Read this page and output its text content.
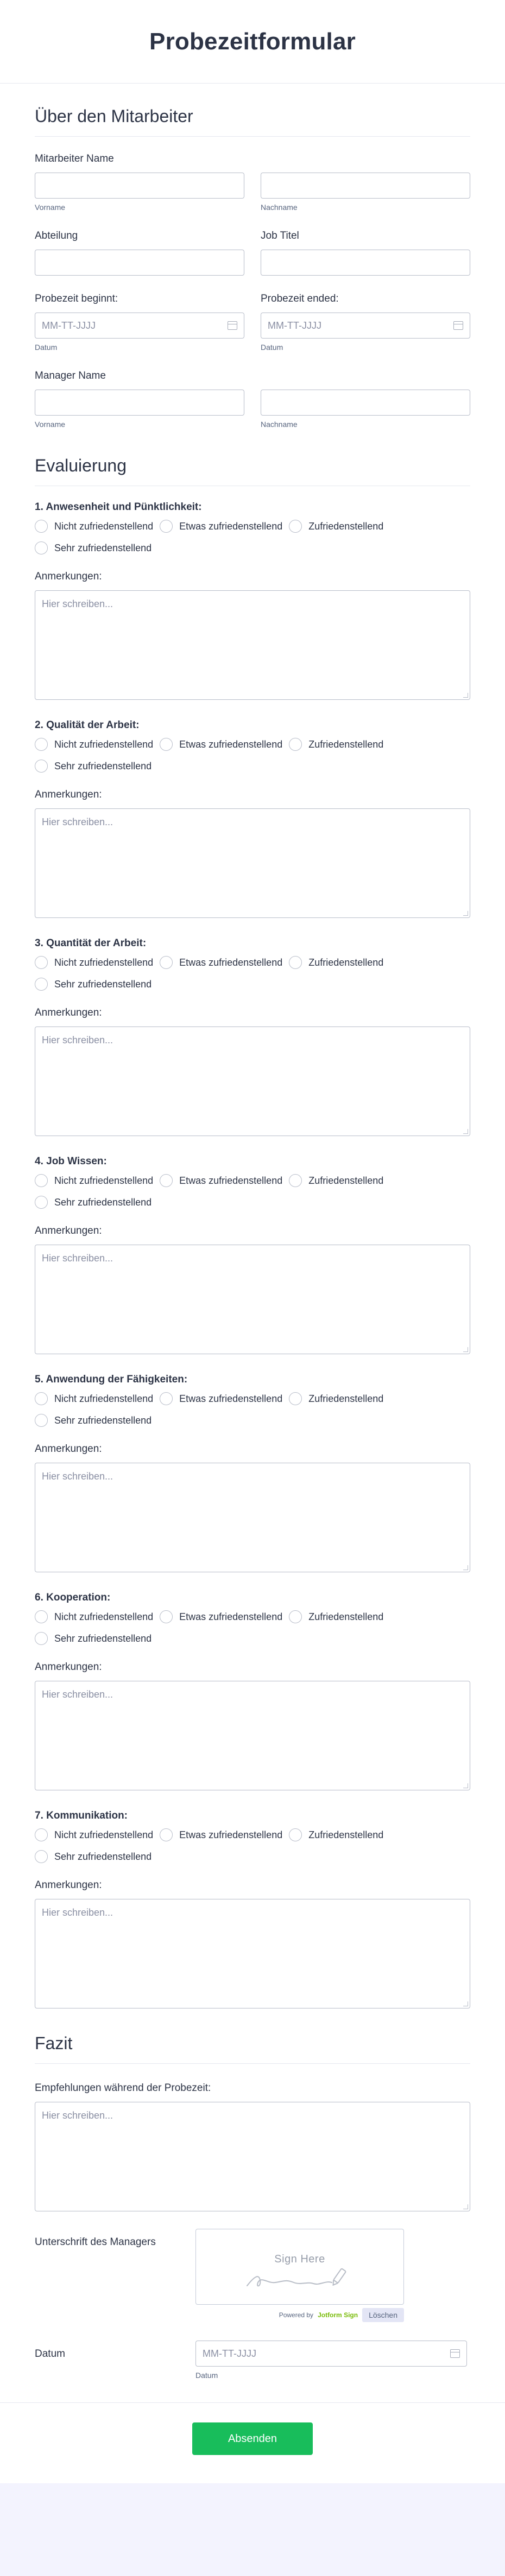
Probezeitformular
Über den Mitarbeiter
Mitarbeiter Name
Vorname	Nachname
Abteilung	Job Titel
Probezeit beginnt:
MM-TT-JJJJ
Datum
Probezeit ended:
MM-TT-JJJJ
Datum
Manager Name
Vorname	Nachname
Evaluierung
1. Anwesenheit und Pünktlichkeit:
Nicht zufriedenstellend	Etwas zufriedenstellend	Zufriedenstellend
Sehr zufriedenstellend
Anmerkungen:
Hier schreiben...
2. Qualität der Arbeit:
Nicht zufriedenstellend	Etwas zufriedenstellend	Zufriedenstellend
Sehr zufriedenstellend
Anmerkungen:
Hier schreiben...
3. Quantität der Arbeit:
Nicht zufriedenstellend	Etwas zufriedenstellend	Zufriedenstellend
Sehr zufriedenstellend
Anmerkungen:
Hier schreiben...
4. Job Wissen:
Nicht zufriedenstellend	Etwas zufriedenstellend	Zufriedenstellend
Sehr zufriedenstellend
Anmerkungen:
Hier schreiben...
5. Anwendung der Fähigkeiten:
Nicht zufriedenstellend	Etwas zufriedenstellend	Zufriedenstellend
Sehr zufriedenstellend
Anmerkungen:
Hier schreiben...
6. Kooperation:
Nicht zufriedenstellend	Etwas zufriedenstellend	Zufriedenstellend
Sehr zufriedenstellend
Anmerkungen:
Hier schreiben...
7. Kommunikation:
Nicht zufriedenstellend	Etwas zufriedenstellend	Zufriedenstellend
Sehr zufriedenstellend
Anmerkungen:
Hier schreiben...
Fazit
Empfehlungen während der Probezeit:
Hier schreiben...
Unterschrift des Managers
Sign Here
Powered by Jotform Sign	Löschen
Datum	MM-TT-JJJJ
Datum
Absenden
